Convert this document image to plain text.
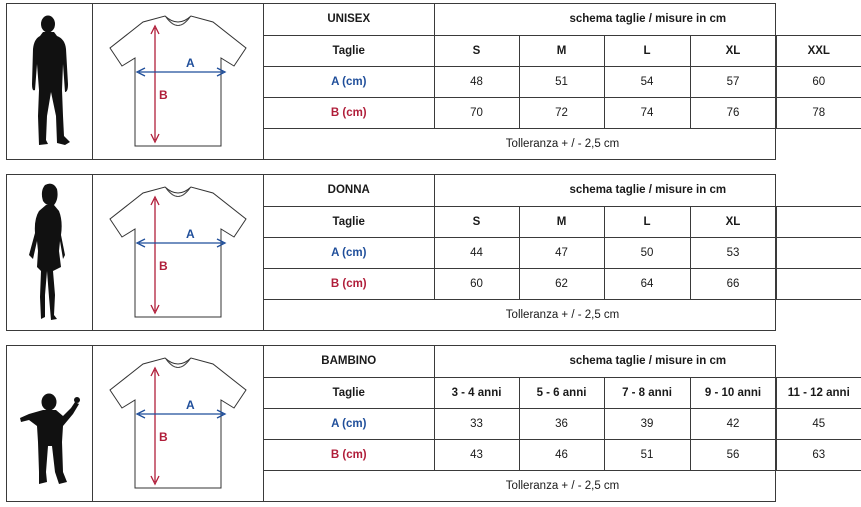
A
B
UNISEX	schema taglie / misure in cm				
Taglie	S	M	L	XL	XXL
A (cm)	48	51	54	57	60
B (cm)	70	72	74	76	78
Tolleranza + / - 2,5 cm					
A
B
DONNA	schema taglie / misure in cm				
Taglie	S	M	L	XL	
A (cm)	44	47	50	53	
B (cm)	60	62	64	66	
Tolleranza + / - 2,5 cm					
A
B
BAMBINO	schema taglie / misure in cm				
Taglie	3 - 4 anni	5 - 6 anni	7 - 8 anni	9 - 10 anni	11 - 12 anni
A (cm)	33	36	39	42	45
B (cm)	43	46	51	56	63
Tolleranza + / - 2,5 cm					
